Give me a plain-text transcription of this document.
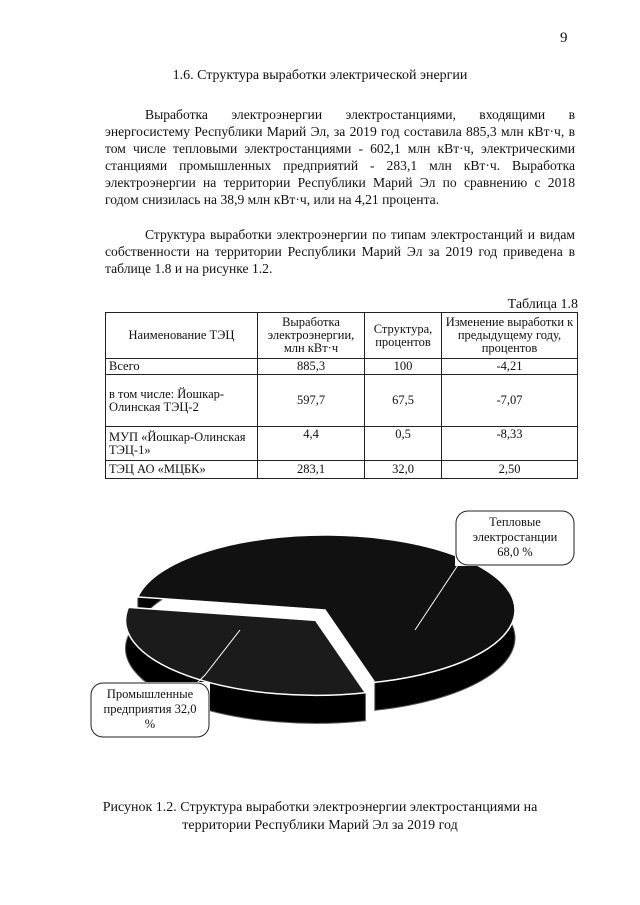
9
1.6. Структура выработки электрической энергии

Выработка электроэнергии электростанциями, входящими в энергосистему Республики Марий Эл, за 2019 год составила 885,3 млн кВт·ч, в том числе тепловыми электростанциями - 602,1 млн кВт·ч, электрическими станциями промышленных предприятий - 283,1 млн кВт·ч. Выработка электроэнергии на территории Республики Марий Эл по сравнению с 2018 годом снизилась на 38,9 млн кВт·ч, или на 4,21 процента.

Структура выработки электроэнергии по типам электростанций и видам собственности на территории Республики Марий Эл за 2019 год приведена в таблице 1.8 и на рисунке 1.2.

Таблица 1.8
Наименование ТЭЦ	Выработка электроэнергии, млн кВт·ч	Структура, процентов	Изменение выработки к предыдущему году, процентов
Всего	885,3	100	-4,21
в том числе: Йошкар-Олинская ТЭЦ-2	597,7	67,5	-7,07
МУП «Йошкар-Олинская ТЭЦ-1»	4,4	0,5	-8,33
ТЭЦ АО «МЦБК»	283,1	32,0	2,50
Тепловые электростанции 68,0 %
Промышленные предприятия 32,0 %
Рисунок 1.2. Структура выработки электроэнергии электростанциями на территории Республики Марий Эл за 2019 год
